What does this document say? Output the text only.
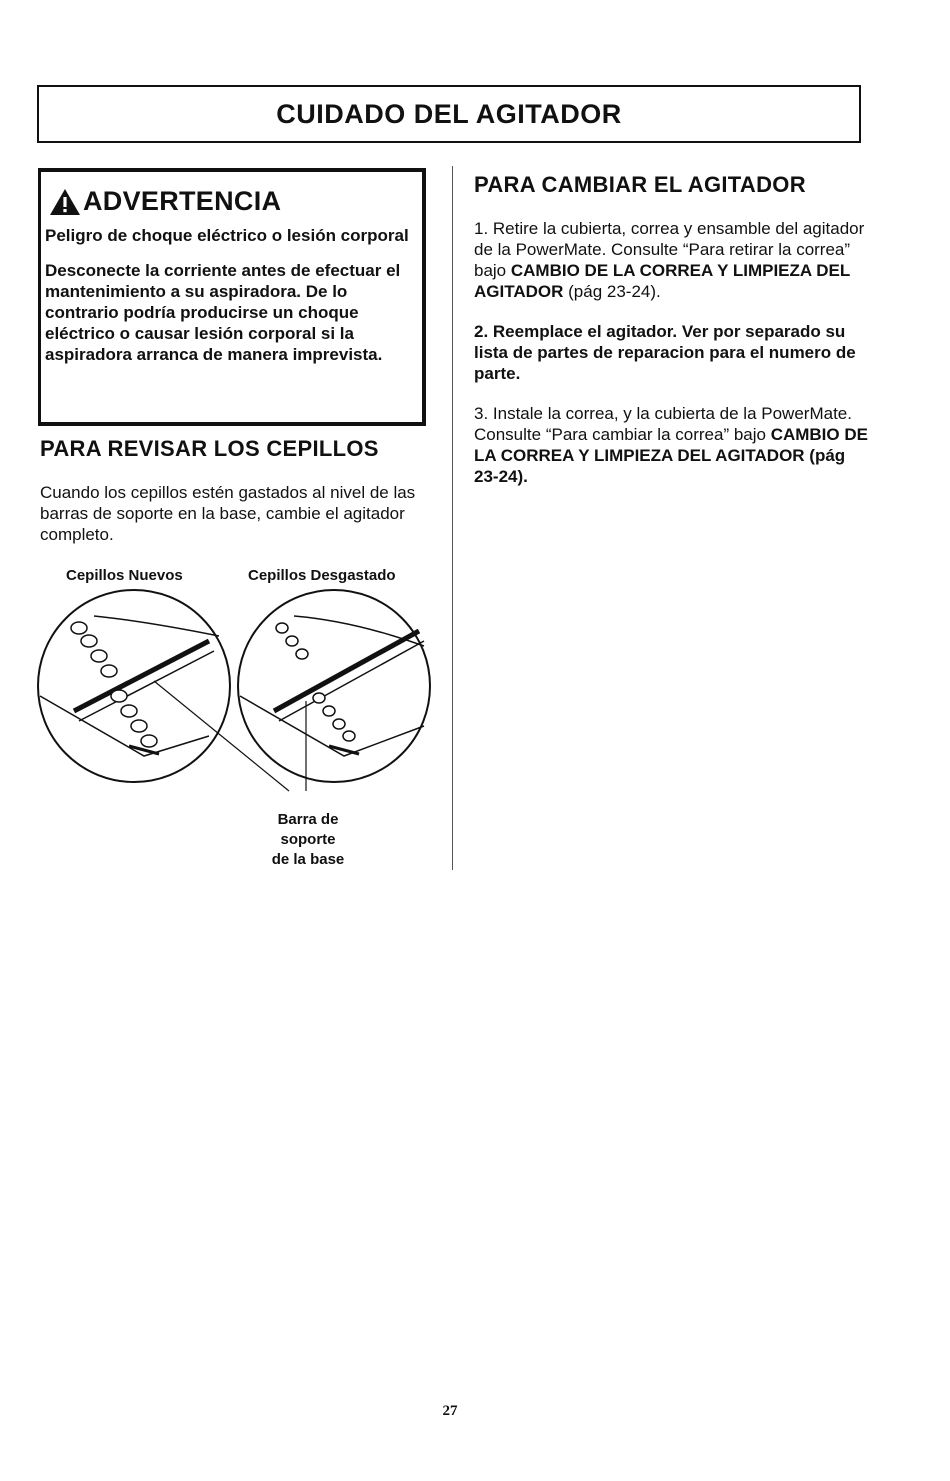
CUIDADO DEL AGITADOR
ADVERTENCIA

Peligro de choque eléctrico o lesión corporal

Desconecte la corriente antes de efectuar el mantenimiento a su aspiradora. De lo contrario podría producirse un choque eléctrico o causar lesión corporal si la aspiradora arranca de manera imprevista.

PARA REVISAR LOS CEPILLOS

Cuando los cepillos estén gastados al nivel de las barras de soporte en la base, cambie el agitador completo.

Cepillos Nuevos	Cepillos Desgastado

Barra de
soporte
de la base
PARA CAMBIAR EL AGITADOR

1. Retire la cubierta, correa y ensamble del agitador de la PowerMate. Consulte “Para retirar la correa” bajo CAMBIO DE LA CORREA Y LIMPIEZA DEL AGITADOR (pág 23-24).

2. Reemplace el agitador. Ver por separado su lista de partes de reparacion para el numero de parte.

3. Instale la correa, y la cubierta de la PowerMate. Consulte “Para cambiar la correa” bajo CAMBIO DE LA CORREA Y LIMPIEZA DEL AGITADOR (pág 23-24).

27
